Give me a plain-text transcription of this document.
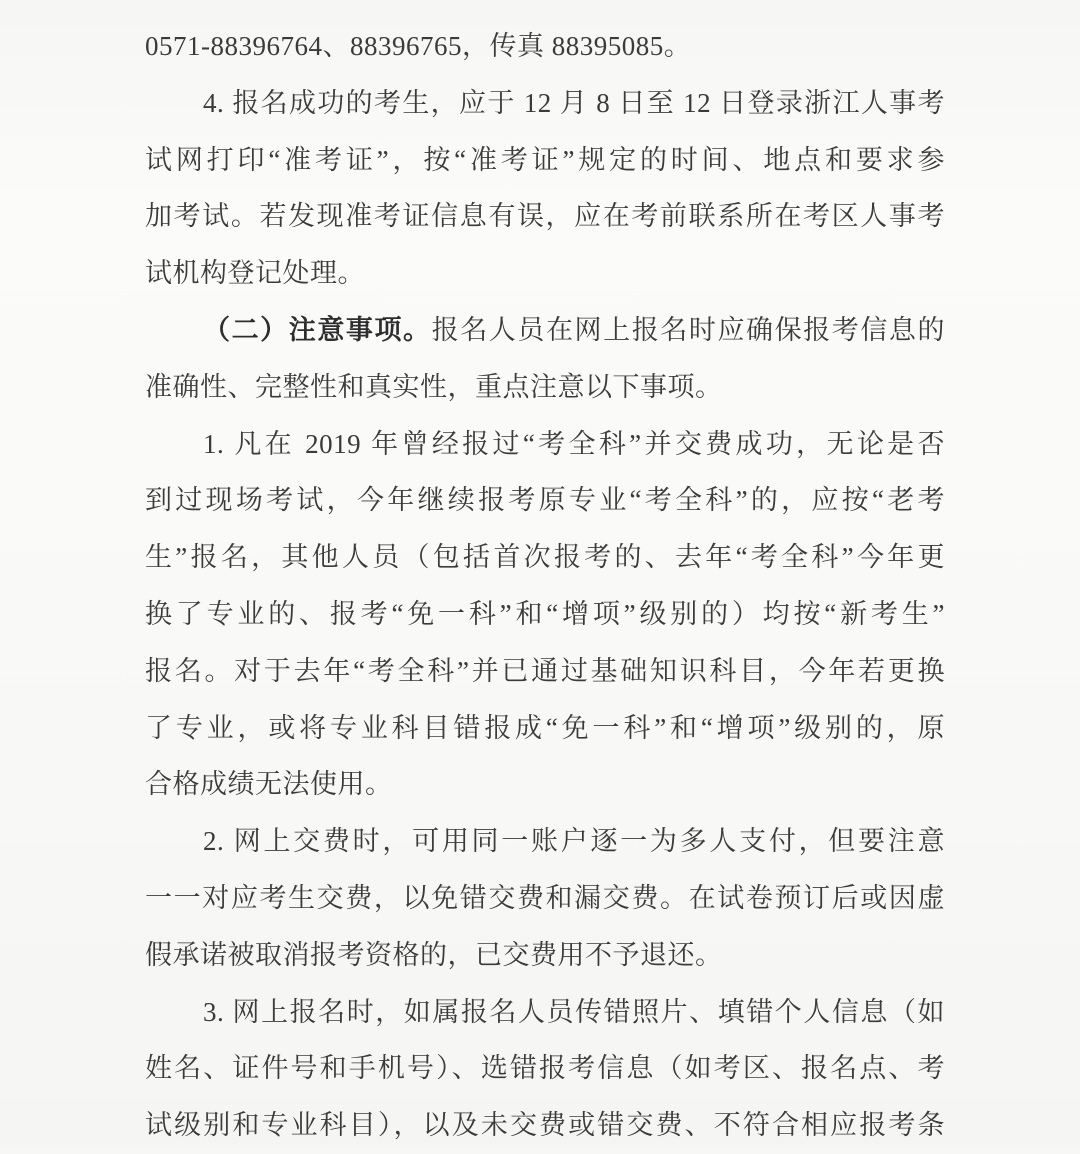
0571-88396764、88396765，传真 88395085。
4. 报名成功的考生，应于 12 月 8 日至 12 日登录浙江人事考
试网打印“准考证”，按“准考证”规定的时间、地点和要求参
加考试。若发现准考证信息有误，应在考前联系所在考区人事考
试机构登记处理。
（二）注意事项。报名人员在网上报名时应确保报考信息的
准确性、完整性和真实性，重点注意以下事项。
1. 凡在 2019 年曾经报过“考全科”并交费成功，无论是否
到过现场考试，今年继续报考原专业“考全科”的，应按“老考
生”报名，其他人员（包括首次报考的、去年“考全科”今年更
换了专业的、报考“免一科”和“增项”级别的）均按“新考生”
报名。对于去年“考全科”并已通过基础知识科目，今年若更换
了专业，或将专业科目错报成“免一科”和“增项”级别的，原
合格成绩无法使用。
2. 网上交费时，可用同一账户逐一为多人支付，但要注意
一一对应考生交费，以免错交费和漏交费。在试卷预订后或因虚
假承诺被取消报考资格的，已交费用不予退还。
3. 网上报名时，如属报名人员传错照片、填错个人信息（如
姓名、证件号和手机号）、选错报考信息（如考区、报名点、考
试级别和专业科目），以及未交费或错交费、不符合相应报考条
